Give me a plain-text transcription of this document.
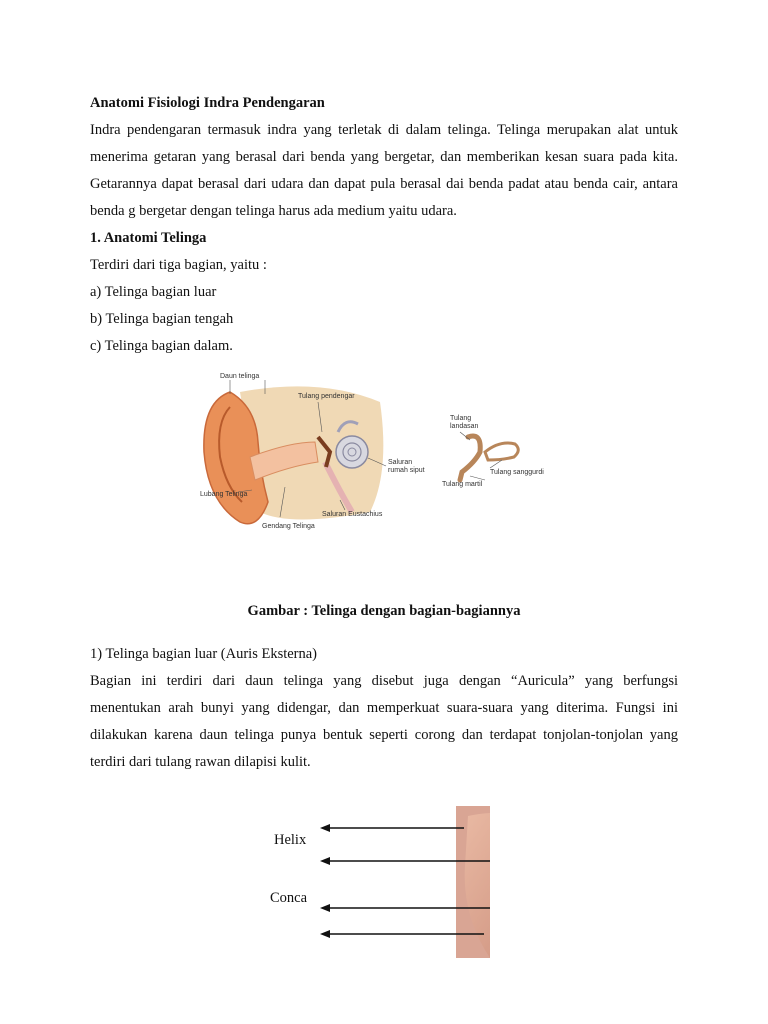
Anatomi Fisiologi Indra Pendengaran

Indra pendengaran termasuk indra yang terletak di dalam telinga. Telinga merupakan alat untuk

menerima getaran yang berasal dari benda yang bergetar, dan memberikan kesan suara pada kita.

Getarannya dapat berasal dari udara dan dapat pula berasal dai benda padat atau benda cair, antara

benda g bergetar dengan telinga harus ada medium yaitu udara.

1. Anatomi Telinga

Terdiri dari tiga bagian, yaitu :

a) Telinga bagian luar

b) Telinga bagian tengah

c) Telinga bagian dalam.

Daun telinga
Tulang pendengar
Saluran
rumah siput
Lubang Telinga
Saluran Eustachius
Gendang Telinga
Tulang
landasan
Tulang sanggurdi
Tulang martil

Gambar : Telinga dengan bagian-bagiannya

1) Telinga bagian luar (Auris Eksterna)

Bagian ini terdiri dari daun telinga yang disebut juga dengan “Auricula” yang berfungsi

menentukan arah bunyi yang didengar, dan memperkuat suara-suara yang diterima. Fungsi ini

dilakukan karena daun telinga punya bentuk seperti corong dan terdapat tonjolan-tonjolan yang

terdiri dari tulang rawan dilapisi kulit.

Helix
Conca
